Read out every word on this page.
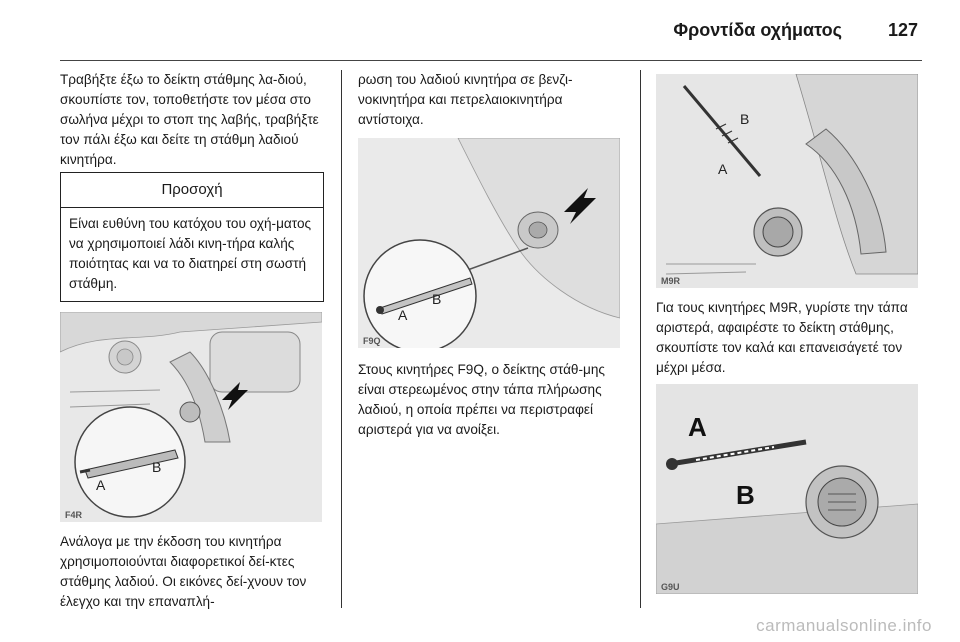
Φροντίδα οχήματος	127

Τραβήξτε έξω το δείκτη στάθμης λα-διού, σκουπίστε τον, τοποθετήστε τον μέσα στο σωλήνα μέχρι το στοπ της λαβής, τραβήξτε τον πάλι έξω και δείτε τη στάθμη λαδιού κινητήρα.

Προσοχή
Είναι ευθύνη του κατόχου του οχή-ματος να χρησιμοποιεί λάδι κινη-τήρα καλής ποιότητας και να το διατηρεί στη σωστή στάθμη.
F4R
A
B

Ανάλογα με την έκδοση του κινητήρα χρησιμοποιούνται διαφορετικοί δεί-κτες στάθμης λαδιού. Οι εικόνες δεί-χνουν τον έλεγχο και την επαναπλή-

ρωση του λαδιού κινητήρα σε βενζι-νοκινητήρα και πετρελαιοκινητήρα αντίστοιχα.

F9Q
A
B

Στους κινητήρες F9Q, ο δείκτης στάθ-μης είναι στερεωμένος στην τάπα πλήρωσης λαδιού, η οποία πρέπει να περιστραφεί αριστερά για να ανοίξει.

M9R
A
B

Για τους κινητήρες M9R, γυρίστε την τάπα αριστερά, αφαιρέστε το δείκτη στάθμης, σκουπίστε τον καλά και επανεισάγετέ τον μέχρι μέσα.

G9U
A
B
carmanualsonline.info
